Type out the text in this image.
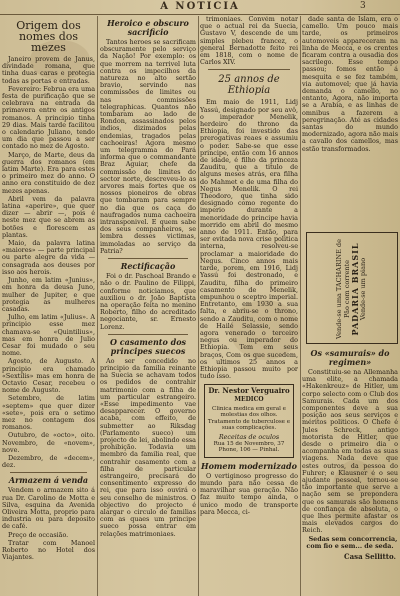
A NOTICIA	3
Origem dos nomes dos mezes

Janeiro provem de Janus, divindade romana, que tinha duas caras e protegia todas as portas e entradas.

Fevereiro: Februa era uma festa de purificação que se celebrava na entrada da primavera entre os antigos romanos. A principio tinha 29 dias. Mais tarde facilitou o calendario Juliano, tendo um dia que passou a ser contado no mez de Agosto.

Março, de Marte, deus da guerra dos romanos (em latim Marte). Era para estes o primeiro mez do anno. O anno era constituido de dez mezes apenas.

Abril vem da palavra latina «aperire», que quer dizer — abrir —, pois é neste mez que se abrem as botões e florescem as plantas.

Maio, da palavra latina «maiores» — parte principal ou parte alegre da vida — consagrada aos deuses por isso aos herois.

Junho, em latim «Junius», em honra da deusa Juno, mulher de Jupiter, e que protegia as mulheres casadas.

Julho, em latim «Julius». A principio esse mez chamava-se «Quintilius», mas em honra de Julio Cesar foi mudado o seu nome.

Agosto, de Augusto. A principio era chamado «Sextilis» mas em honra de Octavio Cesar, recebeu o nome de Augusto.

Setembro, de latim «septem» que quer dizer «sete», pois era o setimo mez no contagem dos romanos.

Outubro, de «octo», oito. Novembro, de «novem», nove.

Dezembro, de «decem», dez.

Armazem á venda

Vendem o armazem sito á rua Dr. Carolino de Motta e Silva, esquina da Avenida Oliveira Motta, proprio para industria ou para deposito de café.

Preço de occasião.

Tratar com Manoel Roberto no Hotel dos Viajantes.

Heroico e obscuro sacrificio

Tantos heroes se sacrificam obscuramente pelo serviço da Nação! Por exemplo: os que morrem na terrivel luta contra os impecilhos da natureza no alto sertão bravio, servindo nas commissões de limites ou nas commissões telegraphicas. Quantos não tombaram ao lado de Rondon, assassinados pelos indios, dizimados pelas endemias, tragados pelas cachoeiras! Agora mesmo um telegramma do Pará informa que o commandante Braz Aguiar, chefe da commissão de limites do sector norte, descreveu-lo as arvores mais fortes que os nossos pioneiros de obras que tombaram para sempre no dia que os caça do naufragados numa cachoeira intransponivel. E quem sabe dos seus companheiros, se lembra desses victimas, immoladas ao serviço da Patria?

Rectificação

Foi o dr. Paschoal Brando e não o dr. Paulino de Filippi, conforme noticiamos, que auxiliou o dr. João Baptista na operação feita no menino Roberto, filho do acreditado negociante, sr. Ernesto Lorenz.

O casamento dos principes suecos

Ao ser concedido no principio da familia reinante na Suecia se achavam todos os pedidos de contrahir matrimonio com a filha de um particular estrangeiro. «Esse impedimento vae desapparecer. O governo acaba, com effeito, de submetter ao Riksdag (Parlamento sueco) um projecto de lei, abolindo essa prohibição. Todavia um membro da familia real, que contrahir casamento com a filha de particular estrangeiro, precisará do consentimento expresso do rei, que para isso ouvirá o seu conselho de ministros. O objectivo do projecto é alargar o circulo de familias com as quaes um principe sueco possa entrar em relações matrimoniaes.

trimoniaes. Convém notar que o actual rei da Suecia, Gustavo V, descende de um simples plebeu francez, o general Bernadotte feito rei em 1818, com o nome de Carlos XIV.

25 annos de Ethiopia

Em maio de 1911, Lidj Yassú, designado por seu avô, o imperador Menelik, herdeiro do throno da Ethiopia, foi investido das prerogativas reaes e assumiu o poder. Sabe-se que esse principe, então com 16 annos de idade, é filho da princeza Zauditu, que a titulo de alguns meses atrás, era filha do Mahmet e de uma filha do Negus Menelik. O rei Theodoro, que tinha sido designado como regente do imperio durante a menoridade do principe havia morrido em abril do mesmo anno de 1911. Então, para ser evitada nova crise politica interna, resolveu-se proclamar a maioridade do Negus. Cinco annos mais tarde, porem, em 1916, Lidj Yassú foi destronado, e Zauditu, filha do primeiro casamento de Menelik, empunhou o sceptro imperial. Entretanto, em 1930 a sua falta, e abriu-se o throno, sendo a Zauditu, com o nome de Hailé Selassie, sendo agora venerado o terceiro negus ou imperador do Ethiopia. Tem em seus braços, Com os que sucedem, os ultimos 25 annos a Ethiopia passou muito por tudo isso.

Dr. Nestor Verguairo
MEDICO
Clinica medica em geral e molestias dos olhos.
Tratamento de tuberculose e suas complicações.
Receitas de oculos
Rua 15 de Novembro, 37
Phone, 106 — Pinhal.
Homem modernizado

O vertiginoso progresso do mundo para não cessa de maravilhar sua geração. Não faz muito tempo ainda, o unico modo de transporte para Mecca, ci-

dade santa de Islam, era o camello. Um pouco mais tarde, os primeiros automoveis appareceram na linha de Mecca, e os crentes ficaram contra a ousadia dos sacrilego. Esse tempo passou; fomos então á mesquita e se fez também, via automovel; que já havia demanda o camello, no entanto, Agora, não importa se a Arabia, e as linhas de omnibus a fazerem a peregrinação. Até as cidades santas do mundo modernizado, agora não mais a cavallo dos camellos, mas estão transformados.

Vende-se uma TACHARINE de Pão com corrente PADARIA BRASIL Vende-se um piano
Os «samurais» do regimen»

Constituiu-se na Allemanha uma elite, a chamada «Hakenkreuz» de Hitler, um corpo selecto com o Club dos Samurais. Cada um dos componentes deve a sua posição aos seus serviços e méritos politicos. O Chefe é Jules Schreck, antigo motorista de Hitler, que desde o primeiro dia o acompanha em todas as suas viagens. Nada deve que estes outros, da pessoa do Fuhrer; e Klausner é o seu ajudante pessoal, tornou-se tão importante que serve a nação sem se prepondera que os samurais são homens de confiança de absoluta, o que lhes permite afastar os mais elevados cargos do Reich.

Sedas sem concorrencia, com fio e sem... de seda.

Casa Sellitto.
